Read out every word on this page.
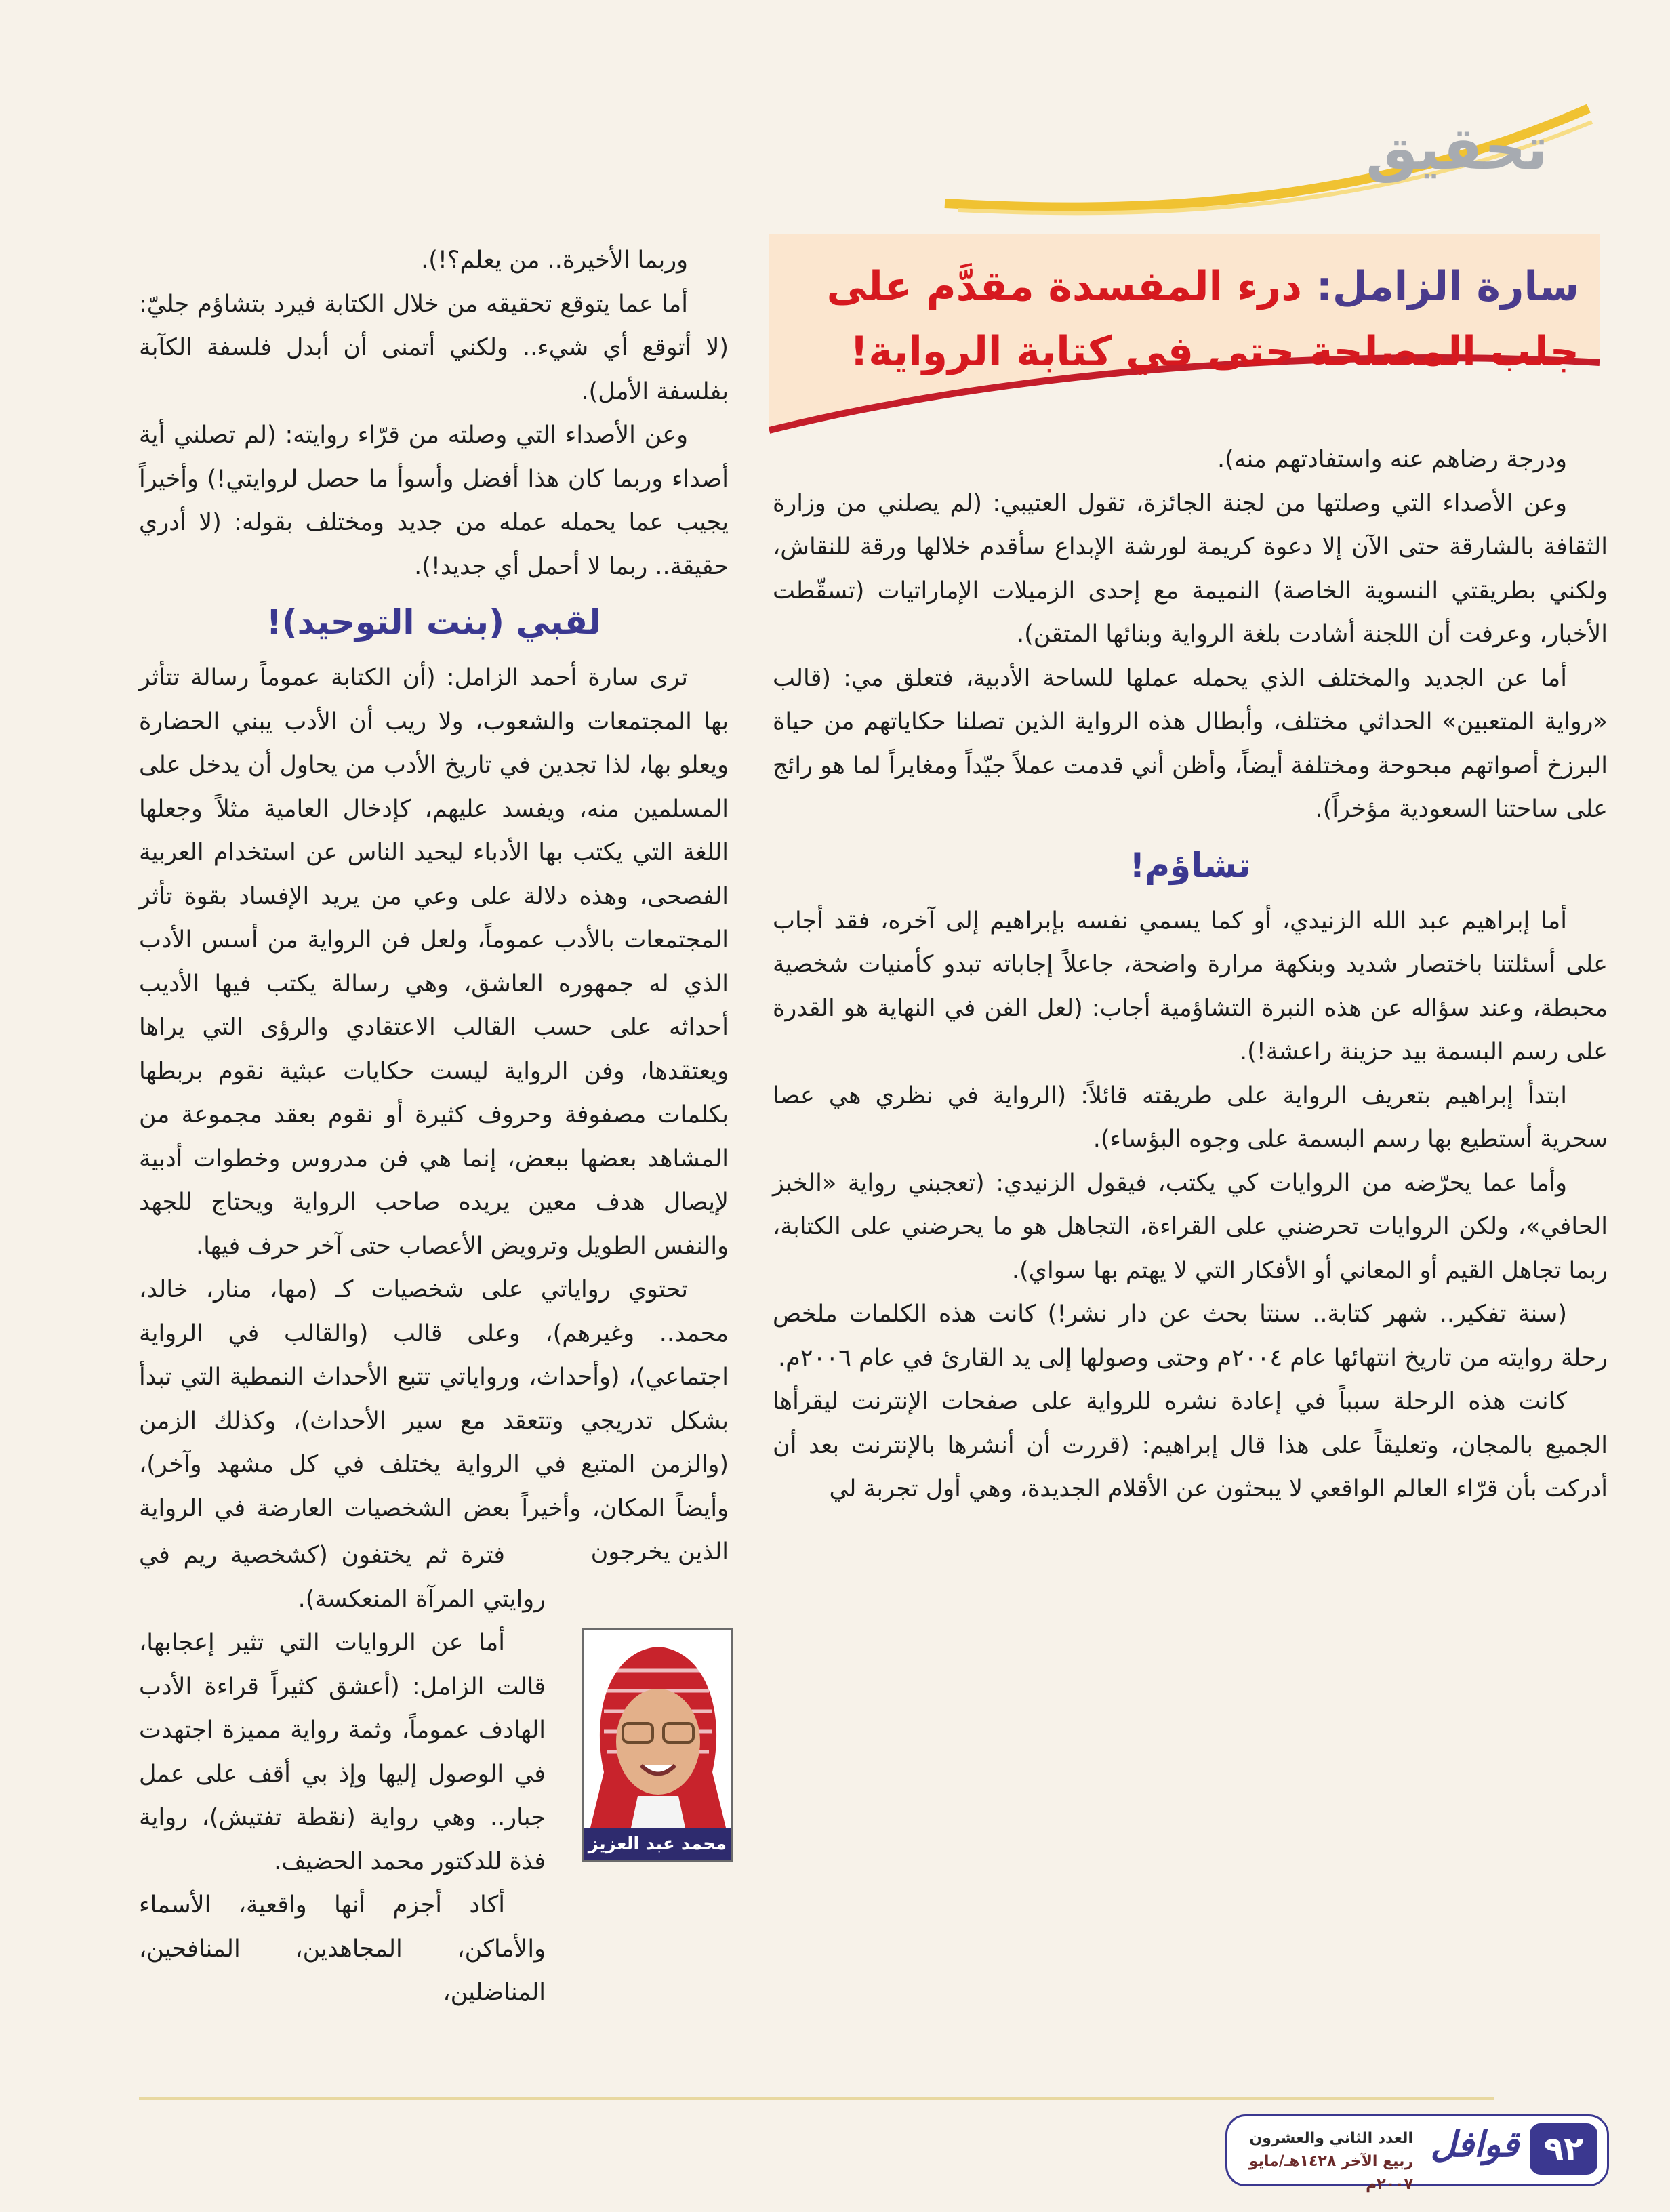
تحقيق
سارة الزامل: درء المفسدة مقدَّم على جلب المصلحة حتى في كتابة الرواية!

ودرجة رضاهم عنه واستفادتهم منه).

وعن الأصداء التي وصلتها من لجنة الجائزة، تقول العتيبي: (لم يصلني من وزارة الثقافة بالشارقة حتى الآن إلا دعوة كريمة لورشة الإبداع سأقدم خلالها ورقة للنقاش، ولكني بطريقتي النسوية الخاصة) النميمة مع إحدى الزميلات الإماراتيات (تسقّطت الأخبار، وعرفت أن اللجنة أشادت بلغة الرواية وبنائها المتقن).

أما عن الجديد والمختلف الذي يحمله عملها للساحة الأدبية، فتعلق مي: (قالب «رواية المتعبين» الحداثي مختلف، وأبطال هذه الرواية الذين تصلنا حكاياتهم من حياة البرزخ أصواتهم مبحوحة ومختلفة أيضاً، وأظن أني قدمت عملاً جيّداً ومغايراً لما هو رائج على ساحتنا السعودية مؤخراً).

تشاؤم!

أما إبراهيم عبد الله الزنيدي، أو كما يسمي نفسه بإبراهيم إلى آخره، فقد أجاب على أسئلتنا باختصار شديد وبنكهة مرارة واضحة، جاعلاً إجاباته تبدو كأمنيات شخصية محبطة، وعند سؤاله عن هذه النبرة التشاؤمية أجاب: (لعل الفن في النهاية هو القدرة على رسم البسمة بيد حزينة راعشة!).

ابتدأ إبراهيم بتعريف الرواية على طريقته قائلاً: (الرواية في نظري هي عصا سحرية أستطيع بها رسم البسمة على وجوه البؤساء).

وأما عما يحرّضه من الروايات كي يكتب، فيقول الزنيدي: (تعجبني رواية «الخبز الحافي»، ولكن الروايات تحرضني على القراءة، التجاهل هو ما يحرضني على الكتابة، ربما تجاهل القيم أو المعاني أو الأفكار التي لا يهتم بها سواي).

(سنة تفكير.. شهر كتابة.. سنتا بحث عن دار نشر!) كانت هذه الكلمات ملخص رحلة روايته من تاريخ انتهائها عام ٢٠٠٤م وحتى وصولها إلى يد القارئ في عام ٢٠٠٦م.

كانت هذه الرحلة سبباً في إعادة نشره للرواية على صفحات الإنترنت ليقرأها الجميع بالمجان، وتعليقاً على هذا قال إبراهيم: (قررت أن أنشرها بالإنترنت بعد أن أدركت بأن قرّاء العالم الواقعي لا يبحثون عن الأقلام الجديدة، وهي أول تجربة لي

وربما الأخيرة.. من يعلم؟!).

أما عما يتوقع تحقيقه من خلال الكتابة فيرد بتشاؤم جليّ: (لا أتوقع أي شيء.. ولكني أتمنى أن أبدل فلسفة الكآبة بفلسفة الأمل).

وعن الأصداء التي وصلته من قرّاء روايته: (لم تصلني أية أصداء وربما كان هذا أفضل وأسوأ ما حصل لروايتي!) وأخيراً يجيب عما يحمله عمله من جديد ومختلف بقوله: (لا أدري حقيقة.. ربما لا أحمل أي جديد!).

لقبي (بنت التوحيد)!

ترى سارة أحمد الزامل: (أن الكتابة عموماً رسالة تتأثر بها المجتمعات والشعوب، ولا ريب أن الأدب يبني الحضارة ويعلو بها، لذا تجدين في تاريخ الأدب من يحاول أن يدخل على المسلمين منه، ويفسد عليهم، كإدخال العامية مثلاً وجعلها اللغة التي يكتب بها الأدباء ليحيد الناس عن استخدام العربية الفصحى، وهذه دلالة على وعي من يريد الإفساد بقوة تأثر المجتمعات بالأدب عموماً، ولعل فن الرواية من أسس الأدب الذي له جمهوره العاشق، وهي رسالة يكتب فيها الأديب أحداثه على حسب القالب الاعتقادي والرؤى التي يراها ويعتقدها، وفن الرواية ليست حكايات عبثية نقوم بربطها بكلمات مصفوفة وحروف كثيرة أو نقوم بعقد مجموعة من المشاهد بعضها ببعض، إنما هي فن مدروس وخطوات أدبية لإيصال هدف معين يريده صاحب الرواية ويحتاج للجهد والنفس الطويل وترويض الأعصاب حتى آخر حرف فيها.

تحتوي رواياتي على شخصيات كـ (مها، منار، خالد، محمد.. وغيرهم)، وعلى قالب (والقالب في الرواية اجتماعي)، (وأحداث، ورواياتي تتبع الأحداث النمطية التي تبدأ بشكل تدريجي وتتعقد مع سير الأحداث)، وكذلك الزمن (والزمن المتبع في الرواية يختلف في كل مشهد وآخر)، وأيضاً المكان، وأخيراً بعض الشخصيات العارضة في الرواية الذين يخرجون

فترة ثم يختفون (كشخصية ريم في روايتي المرآة المنعكسة).

أما عن الروايات التي تثير إعجابها، قالت الزامل: (أعشق كثيراً قراءة الأدب الهادف عموماً، وثمة رواية مميزة اجتهدت في الوصول إليها وإذ بي أقف على عمل جبار.. وهي رواية (نقطة تفتيش)، رواية فذة للدكتور محمد الحضيف.

أكاد أجزم أنها واقعية، الأسماء والأماكن، المجاهدين، المنافحين، المناضلين،

محمد عبد العزيز
٩٢
قوافل
العدد الثاني والعشرون
ربيع الآخر ١٤٢٨هـ/مايو ٢٠٠٧م
